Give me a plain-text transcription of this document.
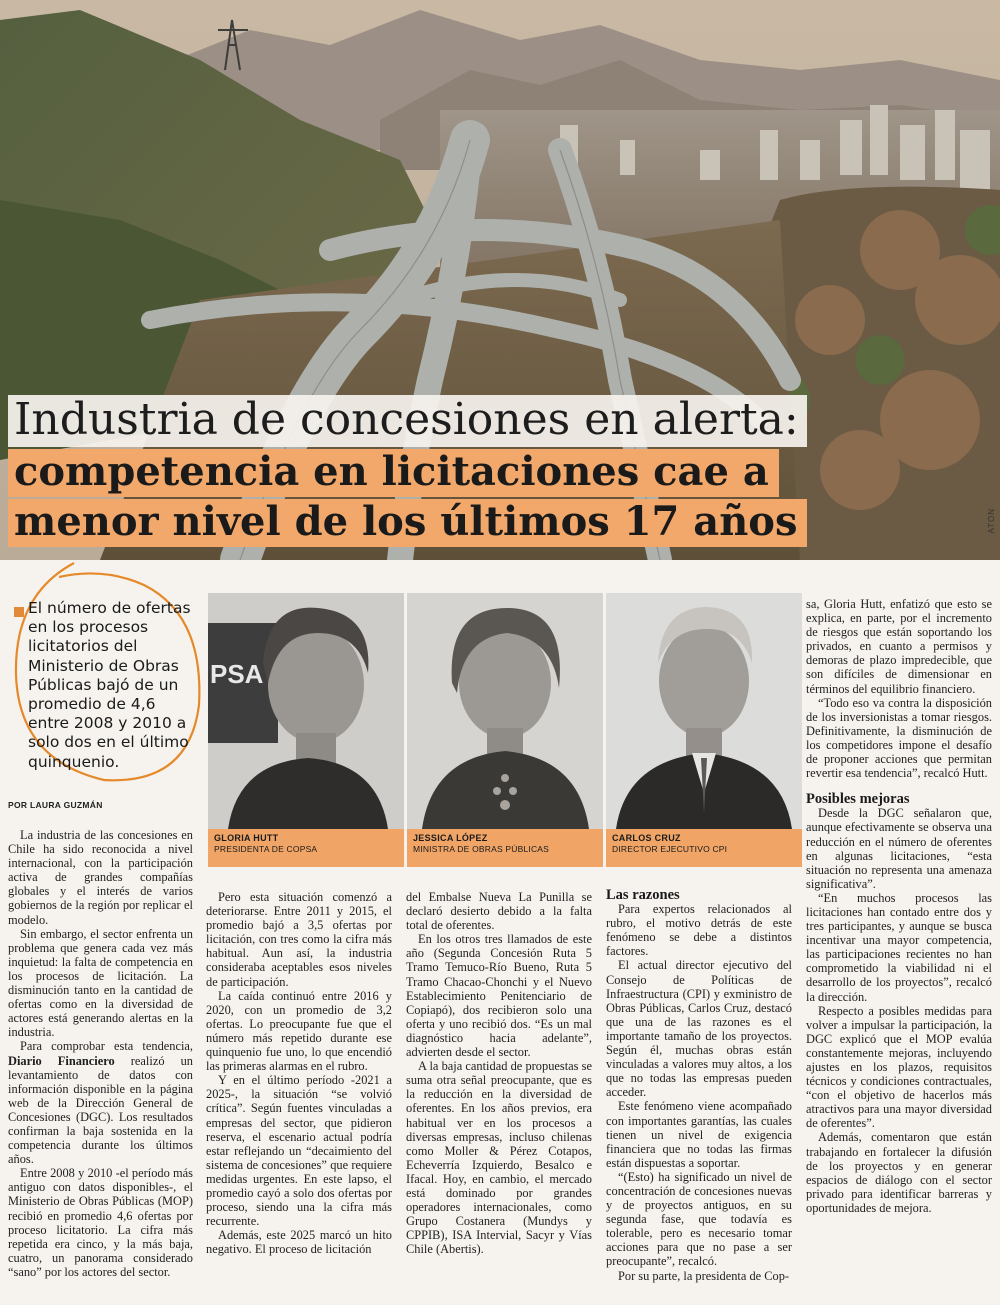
ATON
Industria de concesiones en alerta:
competencia en licitaciones cae a
menor nivel de los últimos 17 años

El número de ofertas en los procesos licitatorios del Ministerio de Obras Públicas bajó de un promedio de 4,6 entre 2008 y 2010 a solo dos en el último quinquenio.

POR LAURA GUZMÁN
PSA
GLORIA HUTT
PRESIDENTA DE COPSA
JESSICA LÓPEZ
MINISTRA DE OBRAS PÚBLICAS
CARLOS CRUZ
DIRECTOR EJECUTIVO CPI

La industria de las concesiones en Chile ha sido reconocida a nivel internacional, con la participación activa de grandes compañías globales y el interés de varios gobiernos de la región por replicar el modelo.

Sin embargo, el sector enfrenta un problema que genera cada vez más inquietud: la falta de competencia en los procesos de licitación. La disminución tanto en la cantidad de ofertas como en la diversidad de actores está generando alertas en la industria.

Para comprobar esta tendencia, Diario Financiero realizó un levantamiento de datos con información disponible en la página web de la Dirección General de Concesiones (DGC). Los resultados confirman la baja sostenida en la competencia durante los últimos años.

Entre 2008 y 2010 -el período más antiguo con datos disponibles-, el Ministerio de Obras Públicas (MOP) recibió en promedio 4,6 ofertas por proceso licitatorio. La cifra más repetida era cinco, y la más baja, cuatro, un panorama considerado “sano” por los actores del sector.

Pero esta situación comenzó a deteriorarse. Entre 2011 y 2015, el promedio bajó a 3,5 ofertas por licitación, con tres como la cifra más habitual. Aun así, la industria consideraba aceptables esos niveles de participación.

La caída continuó entre 2016 y 2020, con un promedio de 3,2 ofertas. Lo preocupante fue que el número más repetido durante ese quinquenio fue uno, lo que encendió las primeras alarmas en el rubro.

Y en el último período -2021 a 2025-, la situación “se volvió crítica”. Según fuentes vinculadas a empresas del sector, que pidieron reserva, el escenario actual podría estar reflejando un “decaimiento del sistema de concesiones” que requiere medidas urgentes. En este lapso, el promedio cayó a solo dos ofertas por proceso, siendo una la cifra más recurrente.

Además, este 2025 marcó un hito negativo. El proceso de licitación

del Embalse Nueva La Punilla se declaró desierto debido a la falta total de oferentes.

En los otros tres llamados de este año (Segunda Concesión Ruta 5 Tramo Temuco-Río Bueno, Ruta 5 Tramo Chacao-Chonchi y el Nuevo Establecimiento Penitenciario de Copiapó), dos recibieron solo una oferta y uno recibió dos. “Es un mal diagnóstico hacia adelante”, advierten desde el sector.

A la baja cantidad de propuestas se suma otra señal preocupante, que es la reducción en la diversidad de oferentes. En los años previos, era habitual ver en los procesos a diversas empresas, incluso chilenas como Moller & Pérez Cotapos, Echeverría Izquierdo, Besalco e Ifacal. Hoy, en cambio, el mercado está dominado por grandes operadores internacionales, como Grupo Costanera (Mundys y CPPIB), ISA Intervial, Sacyr y Vías Chile (Abertis).

Las razones

Para expertos relacionados al rubro, el motivo detrás de este fenómeno se debe a distintos factores.

El actual director ejecutivo del Consejo de Políticas de Infraestructura (CPI) y exministro de Obras Públicas, Carlos Cruz, destacó que una de las razones es el importante tamaño de los proyectos. Según él, muchas obras están vinculadas a valores muy altos, a los que no todas las empresas pueden acceder.

Este fenómeno viene acompañado con importantes garantías, las cuales tienen un nivel de exigencia financiera que no todas las firmas están dispuestas a soportar.

“(Esto) ha significado un nivel de concentración de concesiones nuevas y de proyectos antiguos, en su segunda fase, que todavía es tolerable, pero es necesario tomar acciones para que no pase a ser preocupante”, recalcó.

Por su parte, la presidenta de Cop-

sa, Gloria Hutt, enfatizó que esto se explica, en parte, por el incremento de riesgos que están soportando los privados, en cuanto a permisos y demoras de plazo impredecible, que son difíciles de dimensionar en términos del equilibrio financiero.

“Todo eso va contra la disposición de los inversionistas a tomar riesgos. Definitivamente, la disminución de los competidores impone el desafío de proponer acciones que permitan revertir esa tendencia”, recalcó Hutt.

Posibles mejoras

Desde la DGC señalaron que, aunque efectivamente se observa una reducción en el número de oferentes en algunas licitaciones, “esta situación no representa una amenaza significativa”.

“En muchos procesos las licitaciones han contado entre dos y tres participantes, y aunque se busca incentivar una mayor competencia, las participaciones recientes no han comprometido la viabilidad ni el desarrollo de los proyectos”, recalcó la dirección.

Respecto a posibles medidas para volver a impulsar la participación, la DGC explicó que el MOP evalúa constantemente mejoras, incluyendo ajustes en los plazos, requisitos técnicos y condiciones contractuales, “con el objetivo de hacerlos más atractivos para una mayor diversidad de oferentes”.

Además, comentaron que están trabajando en fortalecer la difusión de los proyectos y en generar espacios de diálogo con el sector privado para identificar barreras y oportunidades de mejora.
